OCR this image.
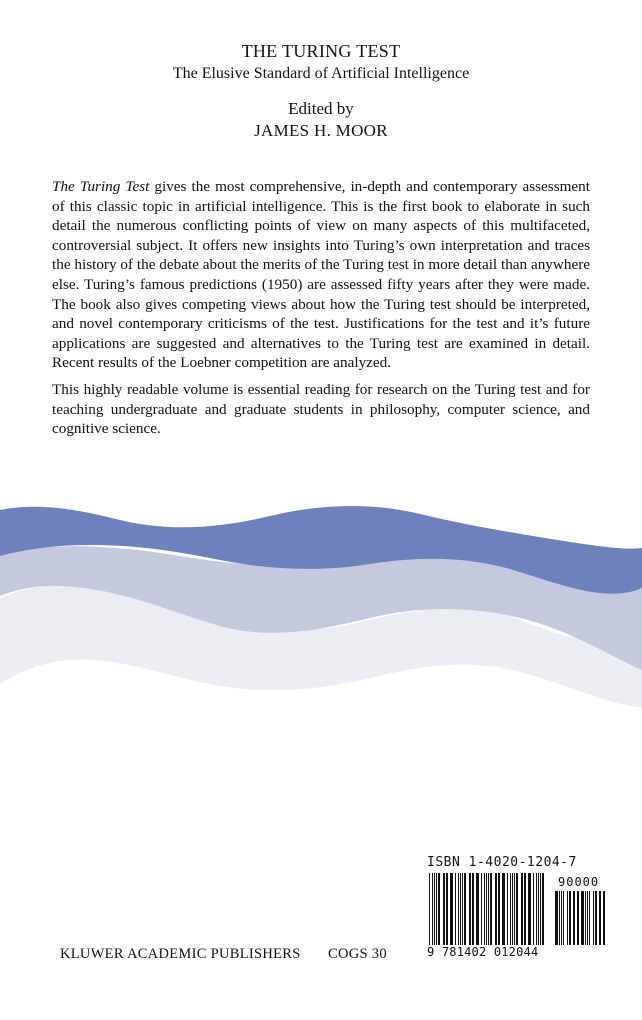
THE TURING TEST
The Elusive Standard of Artificial Intelligence
Edited by
JAMES H. MOOR
The Turing Test gives the most comprehensive, in-depth and contemporary assessment of this classic topic in artificial intelligence. This is the first book to elaborate in such detail the numerous conflicting points of view on many aspects of this multifaceted, controversial subject. It offers new insights into Turing’s own interpretation and traces the history of the debate about the merits of the Turing test in more detail than anywhere else. Turing’s famous predictions (1950) are assessed fifty years after they were made. The book also gives competing views about how the Turing test should be interpreted, and novel contemporary criticisms of the test. Justifications for the test and it’s future applications are suggested and alternatives to the Turing test are examined in detail. Recent results of the Loebner competition are analyzed.
This highly readable volume is essential reading for research on the Turing test and for teaching undergraduate and graduate students in philosophy, computer science, and cognitive science.
ISBN 1-4020-1204-7
90000
9 781402 012044
KLUWER ACADEMIC PUBLISHERS COGS 30
